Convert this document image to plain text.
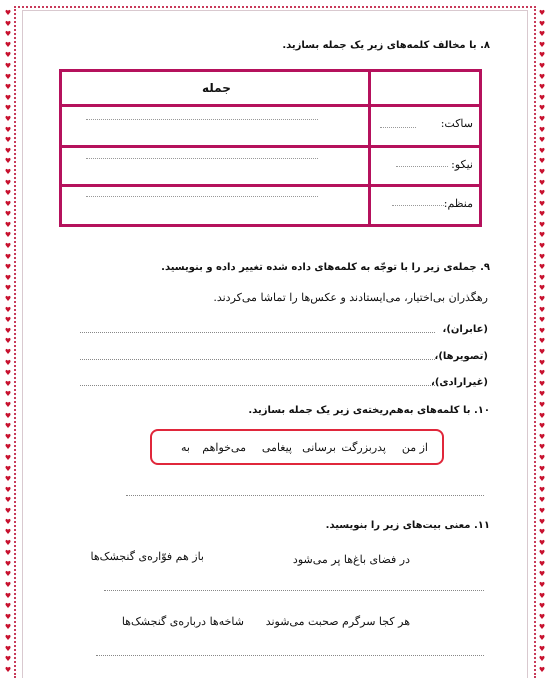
♥
♥
♥
♥
♥
♥
♥
♥
♥
♥
♥
♥
♥
♥
♥
♥
♥
♥
♥
♥
♥
♥
♥
♥
♥
♥
♥
♥
♥
♥
♥
♥
♥
♥
♥
♥
♥
♥
♥
♥
♥
♥
♥
♥
♥
♥
♥
♥
♥
♥
♥
♥
♥
♥
♥
♥
♥
♥
♥
♥
♥
♥
♥
♥
♥
♥
♥
♥
♥
♥
♥
♥
♥
♥
♥
♥
♥
♥
♥
♥
♥
♥
♥
♥
♥
♥
♥
♥
♥
♥
♥
♥
♥
♥
♥
♥
♥
♥
♥
♥
♥
♥
♥
♥
♥
♥
♥
♥
♥
♥
♥
♥
♥
♥
♥
♥
♥
♥
♥
♥
♥
♥
♥
♥
♥
♥
۸. با مخالف کلمه‌های زیر یک جمله بسازید.
جمله
ساکت:
نیکو:
منظم:
۹. جمله‌ی زیر را با توجّه به کلمه‌های داده شده تغییر داده و بنویسید.
رهگذران بی‌اختیار، می‌ایستادند و عکس‌ها را تماشا می‌کردند.
(عابران)،
(تصویرها)،
(غیرارادی)،
۱۰. با کلمه‌های به‌هم‌ریخته‌ی زیر یک جمله بسازید.
از من
پدربزرگت
برسانی
پیغامی
می‌خواهم
به
۱۱. معنی بیت‌های زیر را بنویسید.
در فضای باغ‌ها پر می‌شود
باز هم فوّاره‌ی گنجشک‌ها
هر کجا سرگرم صحبت می‌شوند
شاخه‌ها درباره‌ی گنجشک‌ها
